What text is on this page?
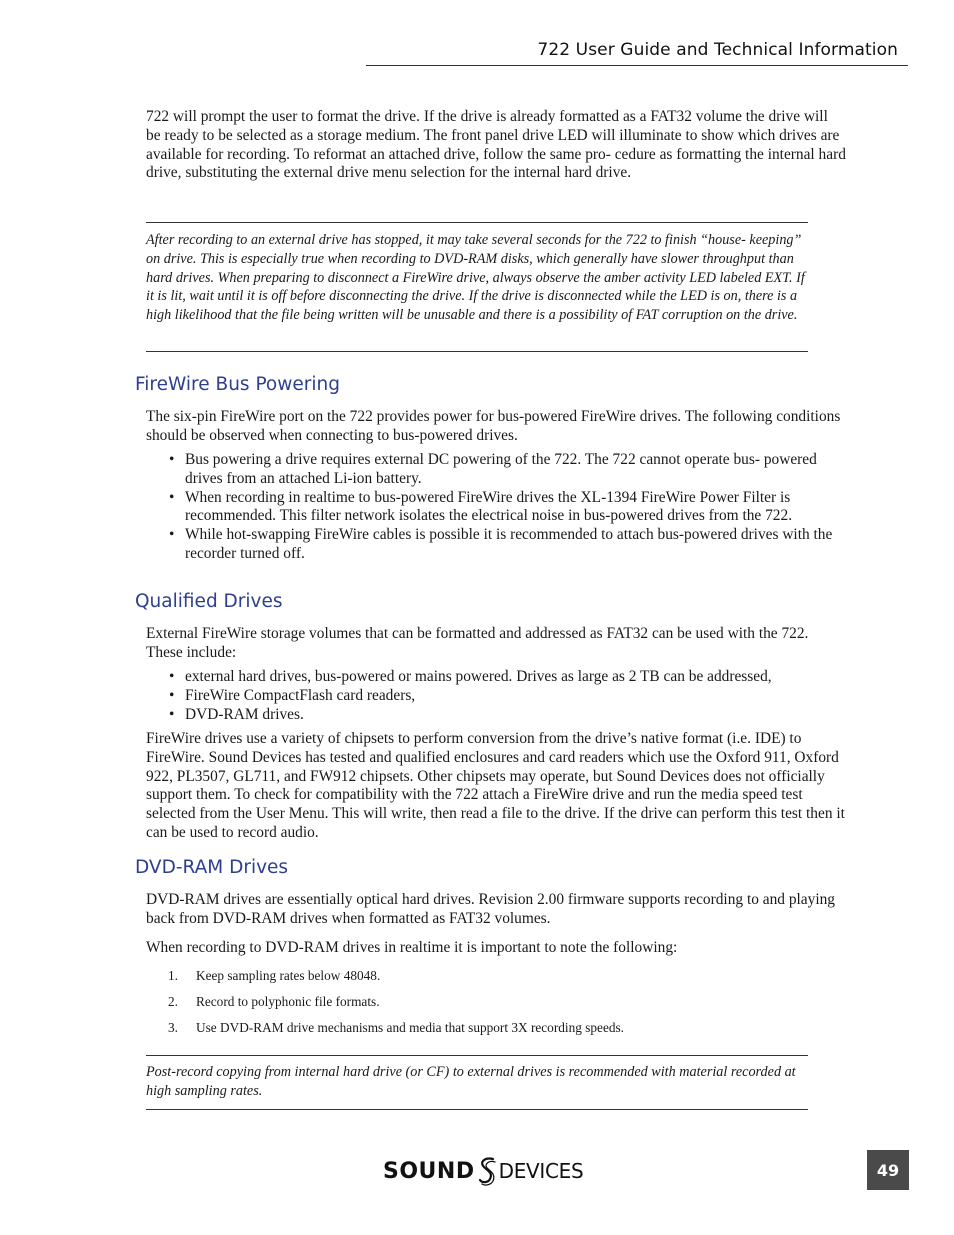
722 User Guide and Technical Information

722 will prompt the user to format the drive. If the drive is already formatted as a FAT32 volume the drive will be ready to be selected as a storage medium. The front panel drive LED will illuminate to show which drives are available for recording. To reformat an attached drive, follow the same pro- cedure as formatting the internal hard drive, substituting the external drive menu selection for the internal hard drive.

After recording to an external drive has stopped, it may take several seconds for the 722 to finish “house- keeping” on drive. This is especially true when recording to DVD-RAM disks, which generally have slower throughput than hard drives. When preparing to disconnect a FireWire drive, always observe the amber activity LED labeled EXT. If it is lit, wait until it is off before disconnecting the drive. If the drive is disconnected while the LED is on, there is a high likelihood that the file being written will be unusable and there is a possibility of FAT corruption on the drive.
FireWire Bus Powering

The six-pin FireWire port on the 722 provides power for bus-powered FireWire drives. The following conditions should be observed when connecting to bus-powered drives.

• Bus powering a drive requires external DC powering of the 722. The 722 cannot operate bus- powered drives from an attached Li-ion battery.
• When recording in realtime to bus-powered FireWire drives the XL-1394 FireWire Power Filter is recommended. This filter network isolates the electrical noise in bus-powered drives from the 722.
• While hot-swapping FireWire cables is possible it is recommended to attach bus-powered drives with the recorder turned off.
Qualified Drives

External FireWire storage volumes that can be formatted and addressed as FAT32 can be used with the 722. These include:

• external hard drives, bus-powered or mains powered. Drives as large as 2 TB can be addressed,
• FireWire CompactFlash card readers,
• DVD-RAM drives.

FireWire drives use a variety of chipsets to perform conversion from the drive’s native format (i.e. IDE) to FireWire. Sound Devices has tested and qualified enclosures and card readers which use the Oxford 911, Oxford 922, PL3507, GL711, and FW912 chipsets. Other chipsets may operate, but Sound Devices does not officially support them. To check for compatibility with the 722 attach a FireWire drive and run the media speed test selected from the User Menu. This will write, then read a file to the drive. If the drive can perform this test then it can be used to record audio.

DVD-RAM Drives

DVD-RAM drives are essentially optical hard drives. Revision 2.00 firmware supports recording to and playing back from DVD-RAM drives when formatted as FAT32 volumes.

When recording to DVD-RAM drives in realtime it is important to note the following:

1. Keep sampling rates below 48048.
2. Record to polyphonic file formats.
3. Use DVD-RAM drive mechanisms and media that support 3X recording speeds.
Post-record copying from internal hard drive (or CF) to external drives is recommended with material recorded at high sampling rates.
SOUND DEVICES	49
